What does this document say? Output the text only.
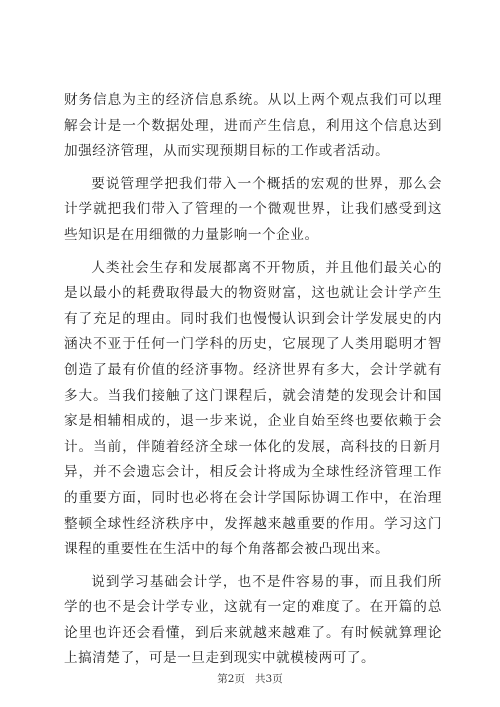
财务信息为主的经济信息系统。从以上两个观点我们可以理解会计是一个数据处理，进而产生信息，利用这个信息达到加强经济管理，从而实现预期目标的工作或者活动。

要说管理学把我们带入一个概括的宏观的世界，那么会计学就把我们带入了管理的一个微观世界，让我们感受到这些知识是在用细微的力量影响一个企业。

人类社会生存和发展都离不开物质，并且他们最关心的是以最小的耗费取得最大的物资财富，这也就让会计学产生有了充足的理由。同时我们也慢慢认识到会计学发展史的内涵决不亚于任何一门学科的历史，它展现了人类用聪明才智创造了最有价值的经济事物。经济世界有多大，会计学就有多大。当我们接触了这门课程后，就会清楚的发现会计和国家是相辅相成的，退一步来说，企业自始至终也要依赖于会计。当前，伴随着经济全球一体化的发展，高科技的日新月异，并不会遗忘会计，相反会计将成为全球性经济管理工作的重要方面，同时也必将在会计学国际协调工作中，在治理整顿全球性经济秩序中，发挥越来越重要的作用。学习这门课程的重要性在生活中的每个角落都会被凸现出来。

说到学习基础会计学，也不是件容易的事，而且我们所学的也不是会计学专业，这就有一定的难度了。在开篇的总论里也许还会看懂，到后来就越来越难了。有时候就算理论上搞清楚了，可是一旦走到现实中就模棱两可了。

第2页 共3页
